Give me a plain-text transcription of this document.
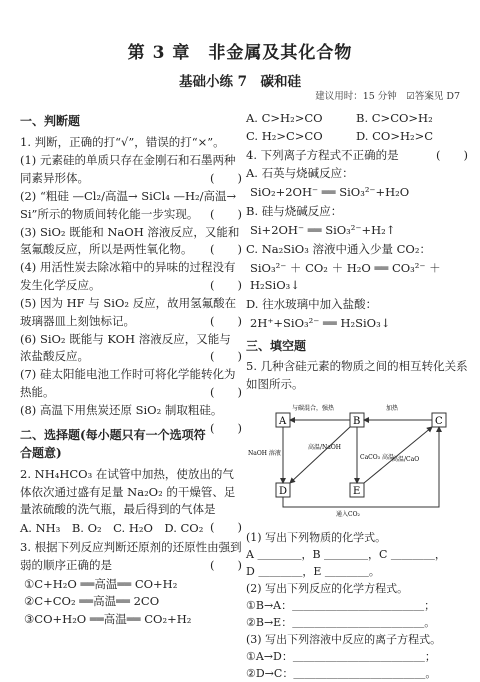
第 3 章　非金属及其化合物
基础小练 7　碳和硅
建议用时：15 分钟　☑答案见 D7
一、判断题
1. 判断，正确的打“√”，错误的打“×”。
(1) 元素硅的单质只存在金刚石和石墨两种同素异形体。	(　　)
(2) “粗硅 —Cl₂/高温→ SiCl₄ —H₂/高温→ Si”所示的物质间转化能一步实现。 (　　)
(3) SiO₂ 既能和 NaOH 溶液反应，又能和氢氟酸反应，所以是两性氧化物。 (　　)
(4) 用活性炭去除冰箱中的异味的过程没有发生化学反应。	(　　)
(5) 因为 HF 与 SiO₂ 反应，故用氢氟酸在玻璃器皿上刻蚀标记。	(　　)
(6) SiO₂ 既能与 KOH 溶液反应，又能与浓盐酸反应。	(　　)
(7) 硅太阳能电池工作时可将化学能转化为热能。	(　　)
(8) 高温下用焦炭还原 SiO₂ 制取粗硅。
(　　)
二、选择题(每小题只有一个选项符合题意)
2. NH₄HCO₃ 在试管中加热，使放出的气体依次通过盛有足量 Na₂O₂ 的干燥管、足量浓硫酸的洗气瓶，最后得到的气体是
(　　)
A. NH₃　B. O₂　C. H₂O　D. CO₂
3. 根据下列反应判断还原剂的还原性由强到弱的顺序正确的是	(　　)
①C+H₂O ══高温══ CO+H₂
②C+CO₂ ══高温══ 2CO
③CO+H₂O ══高温══ CO₂+H₂
A. C>H₂>CO	B. C>CO>H₂
C. H₂>C>CO	D. CO>H₂>C
4. 下列离子方程式不正确的是	(　　)
A. 石英与烧碱反应：
SiO₂+2OH⁻ ══ SiO₃²⁻+H₂O
B. 硅与烧碱反应：
Si+2OH⁻ ══ SiO₃²⁻+H₂↑
C. Na₂SiO₃ 溶液中通入少量 CO₂：
SiO₃²⁻ ＋ CO₂ ＋ H₂O ══ CO₃²⁻ ＋ H₂SiO₃↓
D. 往水玻璃中加入盐酸：
2H⁺+SiO₃²⁻ ══ H₂SiO₃↓
三、填空题
5. 几种含硅元素的物质之间的相互转化关系如图所示。
A	B	C
D	E
与碳混合，强热	加热
NaOH 溶液
高温/NaOH
CaCO₃ 高温
高温/CaO
通入CO₂
(1) 写出下列物质的化学式。
A ＿＿＿＿，B ＿＿＿＿，C ＿＿＿＿，
D ＿＿＿＿，E ＿＿＿＿。
(2) 写出下列反应的化学方程式。
①B→A：＿＿＿＿＿＿＿＿＿＿＿＿；
②B→E：＿＿＿＿＿＿＿＿＿＿＿＿。
(3) 写出下列溶液中反应的离子方程式。
①A→D：＿＿＿＿＿＿＿＿＿＿＿＿；
②D→C：＿＿＿＿＿＿＿＿＿＿＿＿。
